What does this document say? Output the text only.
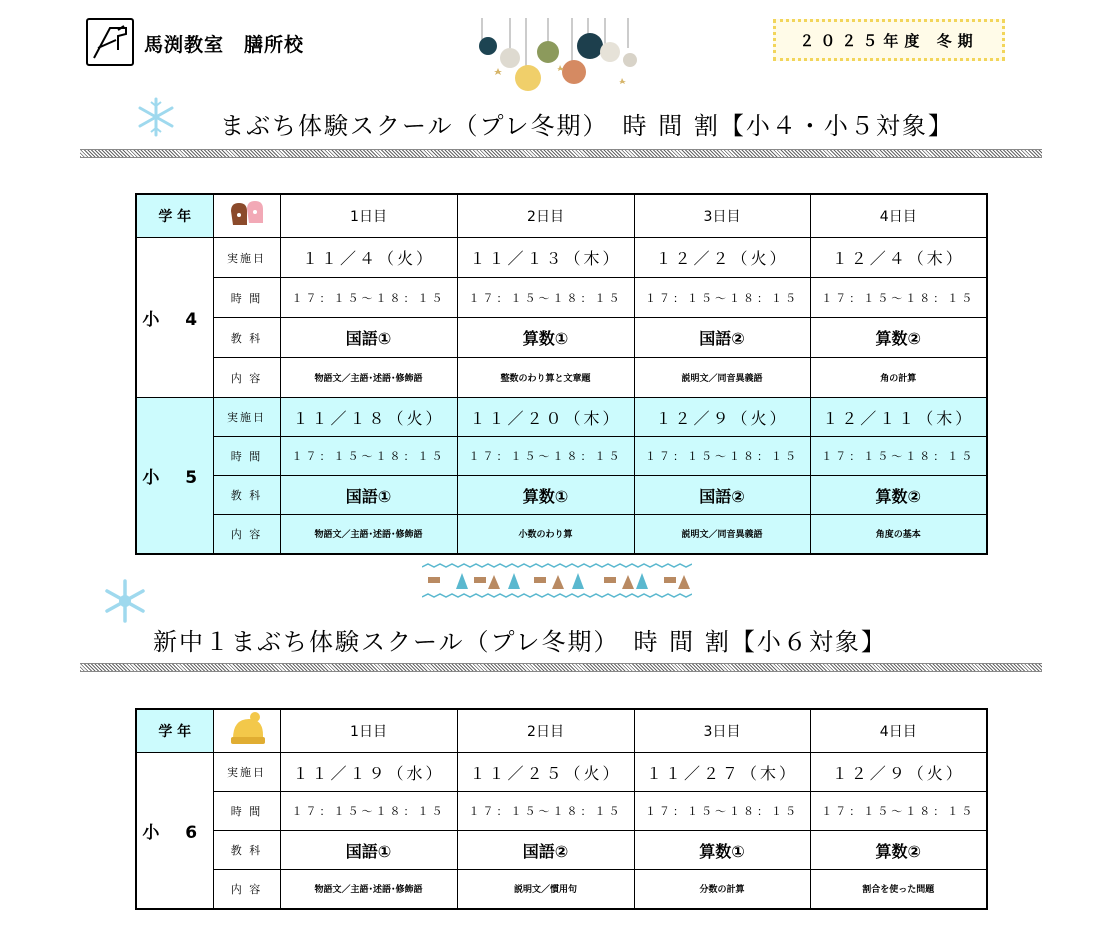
馬渕教室　膳所校	２０２５年度 冬期
まぶち体験スクール（プレ冬期）　時 間 割【小４・小５対象】
学 年		1日目	2日目	3日目	4日目
小 4	実施日	１１／４（火）	１１／１３（木）	１２／２（火）	１２／４（木）
	時 間	１７：１５～１８：１５	１７：１５～１８：１５	１７：１５～１８：１５	１７：１５～１８：１５
	教 科	国語①	算数①	国語②	算数②
	内 容	物語文／主語･述語･修飾語	整数のわり算と文章題	説明文／同音異義語	角の計算
小 5	実施日	１１／１８（火）	１１／２０（木）	１２／９（火）	１２／１１（木）
	時 間	１７：１５～１８：１５	１７：１５～１８：１５	１７：１５～１８：１５	１７：１５～１８：１５
	教 科	国語①	算数①	国語②	算数②
	内 容	物語文／主語･述語･修飾語	小数のわり算	説明文／同音異義語	角度の基本
新中１まぶち体験スクール（プレ冬期）　時 間 割【小６対象】
学 年		1日目	2日目	3日目	4日目
小 6	実施日	１１／１９（水）	１１／２５（火）	１１／２７（木）	１２／９（火）
	時 間	１７：１５～１８：１５	１７：１５～１８：１５	１７：１５～１８：１５	１７：１５～１８：１５
	教 科	国語①	国語②	算数①	算数②
	内 容	物語文／主語･述語･修飾語	説明文／慣用句	分数の計算	割合を使った問題
